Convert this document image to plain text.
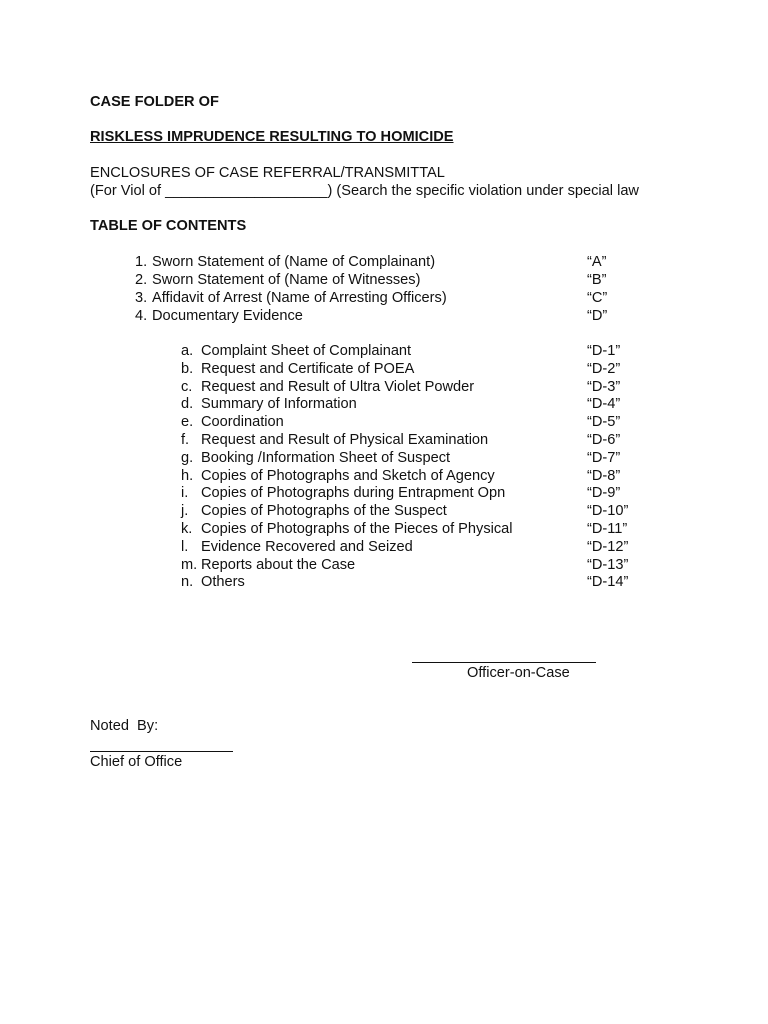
CASE FOLDER OF
RISKLESS IMPRUDENCE RESULTING TO HOMICIDE
ENCLOSURES OF CASE REFERRAL/TRANSMITTAL
(For Viol of ____________________) (Search the specific violation under special law
TABLE OF CONTENTS
1. Sworn Statement of (Name of Complainant)	“A”
2. Sworn Statement of (Name of Witnesses)	“B”
3. Affidavit of Arrest (Name of Arresting Officers)	“C”
4. Documentary Evidence	“D”
a. Complaint Sheet of Complainant	“D-1”
b. Request and Certificate of POEA	“D-2”
c. Request and Result of Ultra Violet Powder	“D-3”
d. Summary of Information	“D-4”
e. Coordination	“D-5”
f. Request and Result of Physical Examination	“D-6”
g. Booking /Information Sheet of Suspect	“D-7”
h. Copies of Photographs and Sketch of Agency	“D-8”
i. Copies of Photographs during Entrapment Opn	“D-9”
j. Copies of Photographs of the Suspect	“D-10”
k. Copies of Photographs of the Pieces of Physical	“D-11”
l. Evidence Recovered and Seized	“D-12”
m. Reports about the Case	“D-13”
n. Others	“D-14”
Officer-on-Case
Noted  By:
Chief of Office
